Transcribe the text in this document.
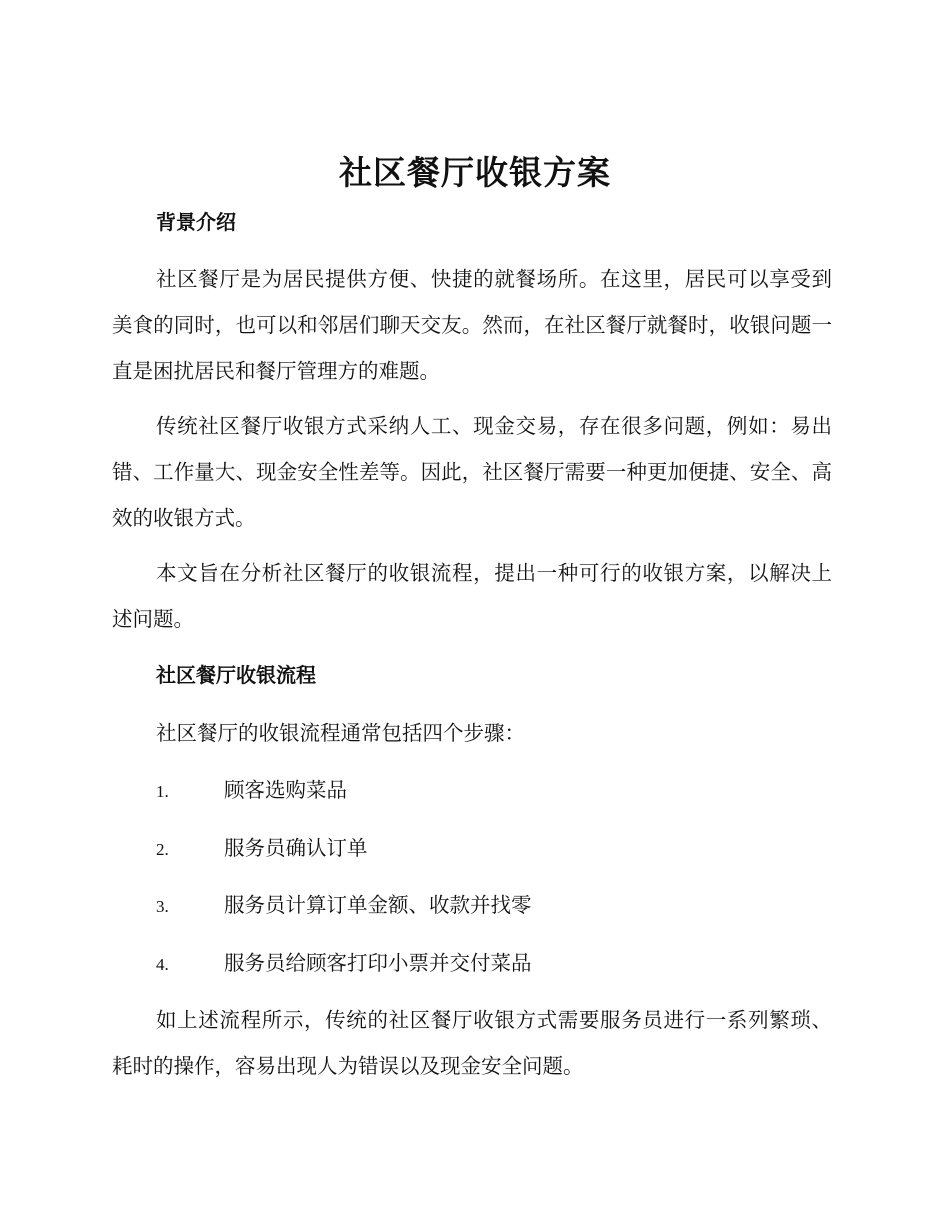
社区餐厅收银方案
背景介绍

社区餐厅是为居民提供方便、快捷的就餐场所。在这里，居民可以享受到美食的同时，也可以和邻居们聊天交友。然而，在社区餐厅就餐时，收银问题一直是困扰居民和餐厅管理方的难题。

传统社区餐厅收银方式采纳人工、现金交易，存在很多问题，例如：易出错、工作量大、现金安全性差等。因此，社区餐厅需要一种更加便捷、安全、高效的收银方式。

本文旨在分析社区餐厅的收银流程，提出一种可行的收银方案，以解决上述问题。

社区餐厅收银流程
社区餐厅的收银流程通常包括四个步骤：
1.	顾客选购菜品
2.	服务员确认订单
3.	服务员计算订单金额、收款并找零
4.	服务员给顾客打印小票并交付菜品

如上述流程所示，传统的社区餐厅收银方式需要服务员进行一系列繁琐、耗时的操作，容易出现人为错误以及现金安全问题。
